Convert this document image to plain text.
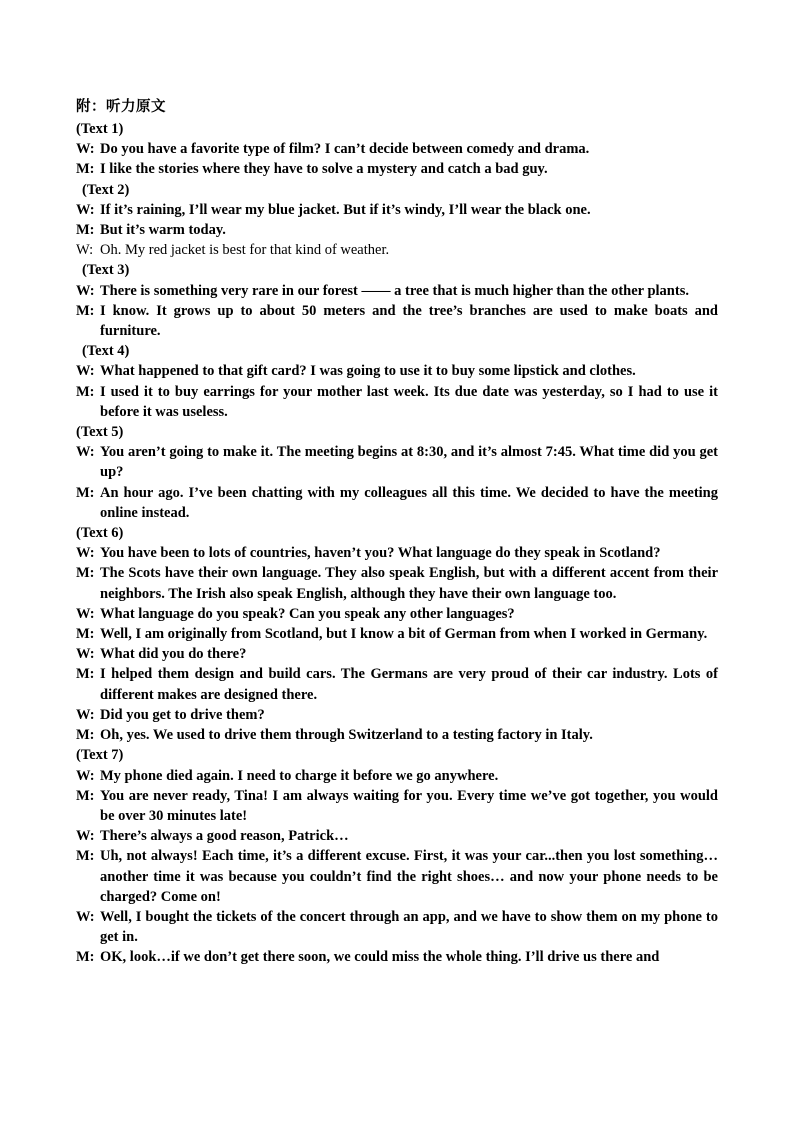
附：听力原文
(Text 1)
W: Do you have a favorite type of film? I can’t decide between comedy and drama.
M: I like the stories where they have to solve a mystery and catch a bad guy.
(Text 2)
W: If it’s raining, I’ll wear my blue jacket. But if it’s windy, I’ll wear the black one.
M: But it’s warm today.
W: Oh. My red jacket is best for that kind of weather.
(Text 3)
W: There is something very rare in our forest —— a tree that is much higher than the other plants.
M: I know. It grows up to about 50 meters and the tree’s branches are used to make boats and furniture.
(Text 4)
W: What happened to that gift card? I was going to use it to buy some lipstick and clothes.
M: I used it to buy earrings for your mother last week. Its due date was yesterday, so I had to use it before it was useless.
(Text 5)
W: You aren’t going to make it. The meeting begins at 8:30, and it’s almost 7:45. What time did you get up?
M: An hour ago. I’ve been chatting with my colleagues all this time. We decided to have the meeting online instead.
(Text 6)
W: You have been to lots of countries, haven’t you? What language do they speak in Scotland?
M: The Scots have their own language. They also speak English, but with a different accent from their neighbors. The Irish also speak English, although they have their own language too.
W: What language do you speak? Can you speak any other languages?
M: Well, I am originally from Scotland, but I know a bit of German from when I worked in Germany.
W: What did you do there?
M: I helped them design and build cars. The Germans are very proud of their car industry. Lots of different makes are designed there.
W: Did you get to drive them?
M: Oh, yes. We used to drive them through Switzerland to a testing factory in Italy.
(Text 7)
W: My phone died again. I need to charge it before we go anywhere.
M: You are never ready, Tina! I am always waiting for you. Every time we’ve got together, you would be over 30 minutes late!
W: There’s always a good reason, Patrick…
M: Uh, not always! Each time, it’s a different excuse. First, it was your car...then you lost something… another time it was because you couldn’t find the right shoes… and now your phone needs to be charged? Come on!
W: Well, I bought the tickets of the concert through an app, and we have to show them on my phone to get in.
M: OK, look…if we don’t get there soon, we could miss the whole thing. I’ll drive us there and
